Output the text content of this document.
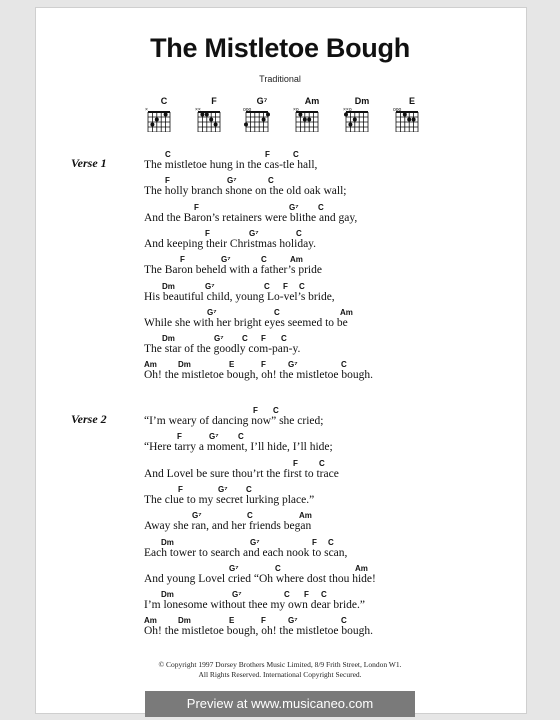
The Mistletoe Bough
Traditional
C
×
F
××
G⁷
ooo
Am
×o
Dm
××o
E
ooo
Verse 1
C	F	C
The mistletoe hung in the cas-tle hall,
F	G⁷	C
The holly branch shone on the old oak wall;
F	G⁷ C
And the Baron’s retainers were blithe and gay,
F	G⁷	C
And keeping their Christmas holiday.
F	G⁷	C	Am
The Baron beheld with a father’s pride
Dm	G⁷	C F C
His beautiful child, young Lo-vel’s bride,
G⁷	C	Am
While she with her bright eyes seemed to be
Dm	G⁷ C F C
The star of the goodly com-pan-y.
Am	Dm	E	F	G⁷	C
Oh! the mistletoe bough, oh! the mistletoe bough.
Verse 2
F C
“I’m weary of dancing now” she cried;
F	G⁷ C
“Here tarry a moment, I’ll hide, I’ll hide;
F	C
And Lovel be sure thou’rt the first to trace
F	G⁷ C
The clue to my secret lurking place.”
G⁷	C	Am
Away she ran, and her friends began
Dm	G⁷	F C
Each tower to search and each nook to scan,
G⁷	C	Am
And young Lovel cried “Oh where dost thou hide!
Dm	G⁷	C F C
I’m lonesome without thee my own dear bride.”
Am	Dm	E	F	G⁷	C
Oh! the mistletoe bough, oh! the mistletoe bough.
© Copyright 1997 Dorsey Brothers Music Limited, 8/9 Frith Street, London W1.
All Rights Reserved. International Copyright Secured.
Preview at www.musicaneo.com
